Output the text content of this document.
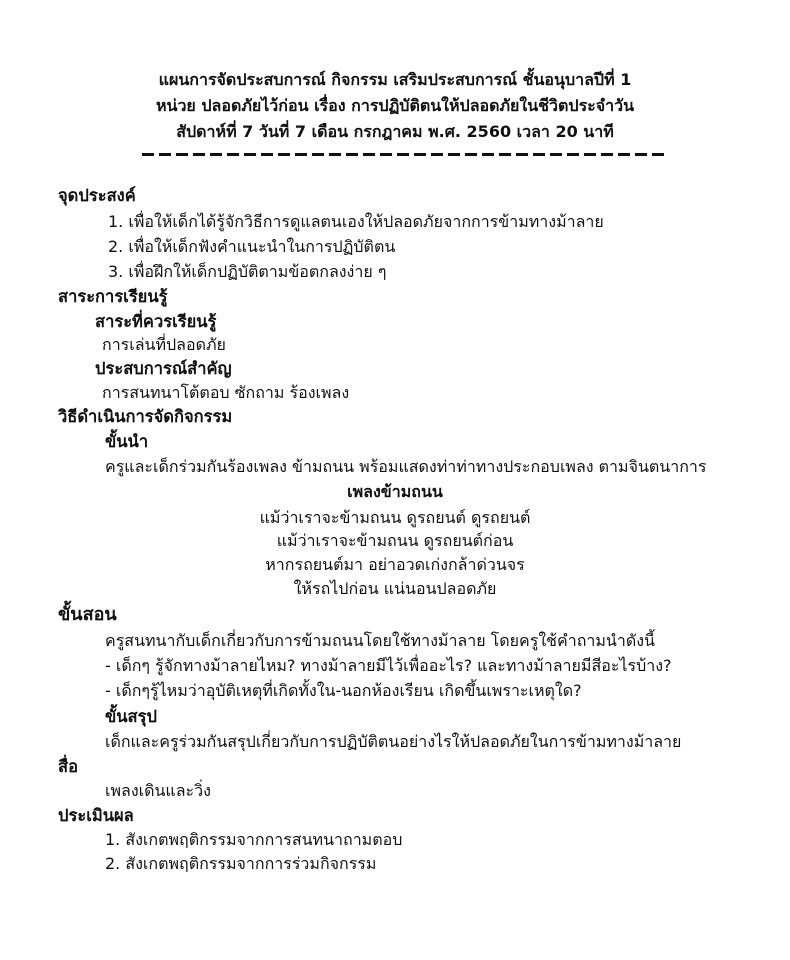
แผนการจัดประสบการณ์ กิจกรรม เสริมประสบการณ์ ชั้นอนุบาลปีที่ 1
หน่วย ปลอดภัยไว้ก่อน เรื่อง การปฏิบัติตนให้ปลอดภัยในชีวิตประจำวัน
สัปดาห์ที่ 7 วันที่ 7 เดือน กรกฎาคม พ.ศ. 2560 เวลา 20 นาที
จุดประสงค์
1. เพื่อให้เด็กได้รู้จักวิธีการดูแลตนเองให้ปลอดภัยจากการข้ามทางม้าลาย
2. เพื่อให้เด็กฟังคำแนะนำในการปฏิบัติตน
3. เพื่อฝึกให้เด็กปฏิบัติตามข้อตกลงง่าย ๆ
สาระการเรียนรู้
สาระที่ควรเรียนรู้
การเล่นที่ปลอดภัย
ประสบการณ์สำคัญ
การสนทนาโต้ตอบ ซักถาม ร้องเพลง
วิธีดำเนินการจัดกิจกรรม
ขั้นนำ
ครูและเด็กร่วมกันร้องเพลง ข้ามถนน พร้อมแสดงท่าท่าทางประกอบเพลง ตามจินตนาการ
เพลงข้ามถนน
แม้ว่าเราจะข้ามถนน ดูรถยนต์ ดูรถยนต์
แม้ว่าเราจะข้ามถนน ดูรถยนต์ก่อน
หากรถยนต์มา อย่าอวดเก่งกล้าด่วนจร
ให้รถไปก่อน แน่นอนปลอดภัย
ขั้นสอน
ครูสนทนากับเด็กเกี่ยวกับการข้ามถนนโดยใช้ทางม้าลาย โดยครูใช้คำถามนำดังนี้
- เด็กๆ รู้จักทางม้าลายไหม? ทางม้าลายมีไว้เพื่ออะไร? และทางม้าลายมีสีอะไรบ้าง?
- เด็กๆรู้ไหมว่าอุบัติเหตุที่เกิดทั้งใน-นอกห้องเรียน เกิดขึ้นเพราะเหตุใด?
ขั้นสรุป
เด็กและครูร่วมกันสรุปเกี่ยวกับการปฏิบัติตนอย่างไรให้ปลอดภัยในการข้ามทางม้าลาย
สื่อ
เพลงเดินและวิ่ง
ประเมินผล
1. สังเกตพฤติกรรมจากการสนทนาถามตอบ
2. สังเกตพฤติกรรมจากการร่วมกิจกรรม
